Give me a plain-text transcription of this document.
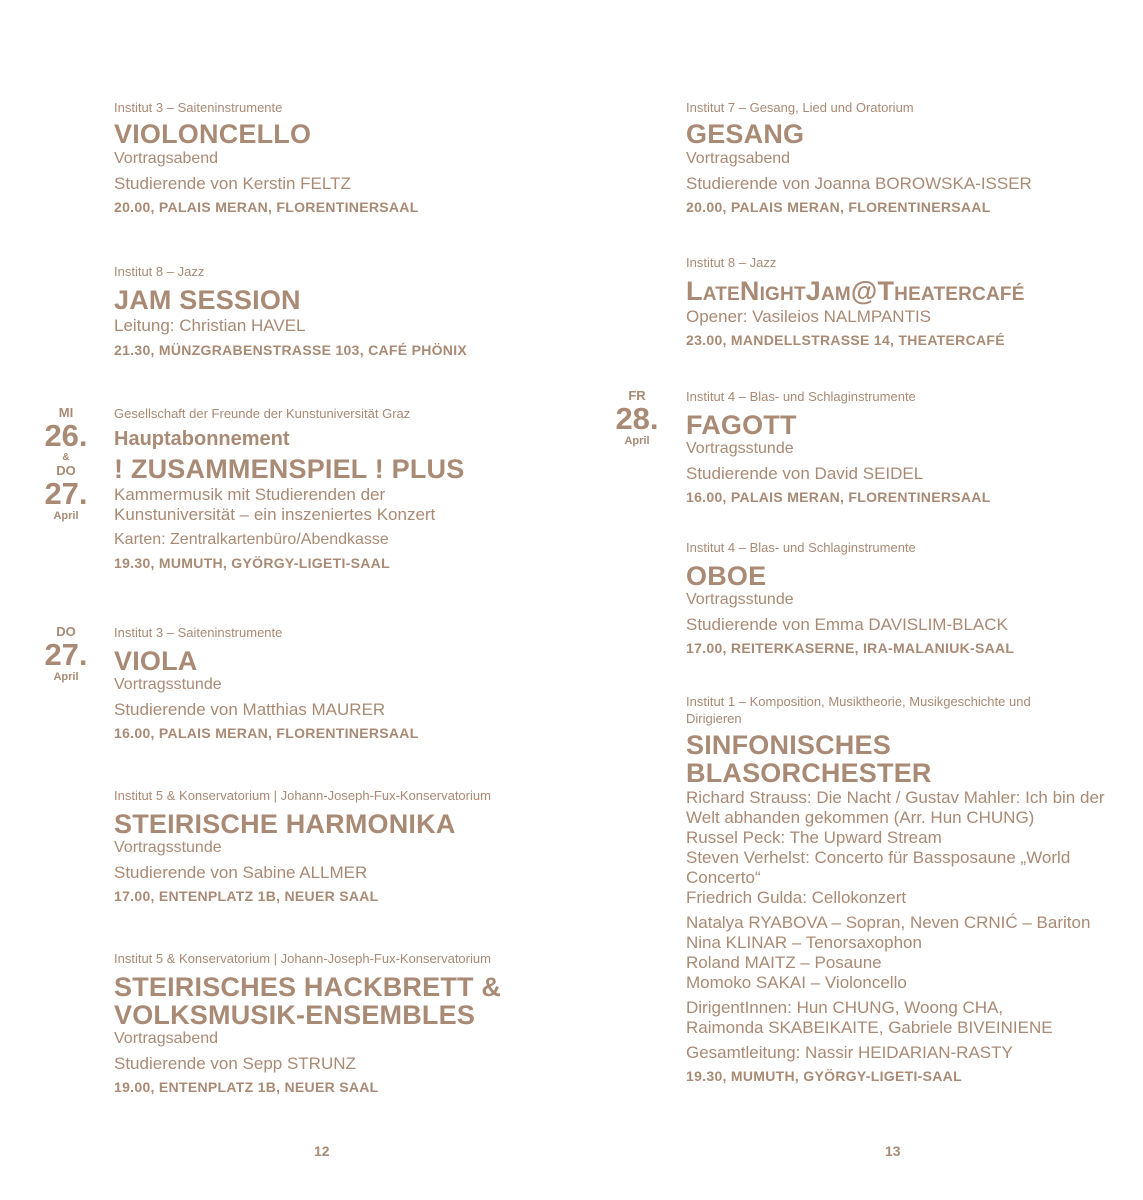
Institut 3 – Saiteninstrumente
VIOLONCELLO
Vortragsabend
Studierende von Kerstin FELTZ
20.00, PALAIS MERAN, FLORENTINERSAAL
Institut 8 – Jazz
JAM SESSION
Leitung: Christian HAVEL
21.30, MÜNZGRABENSTRASSE 103, CAFÉ PHÖNIX
MI
26.
&
DO
27.
April
Gesellschaft der Freunde der Kunstuniversität Graz
Hauptabonnement
! ZUSAMMENSPIEL ! PLUS
Kammermusik mit Studierenden der Kunstuniversität – ein inszeniertes Konzert
Karten: Zentralkartenbüro/Abendkasse
19.30, MUMUTH, GYÖRGY-LIGETI-SAAL
DO
27.
April
Institut 3 – Saiteninstrumente
VIOLA
Vortragsstunde
Studierende von Matthias MAURER
16.00, PALAIS MERAN, FLORENTINERSAAL
Institut 5 & Konservatorium | Johann-Joseph-Fux-Konservatorium
STEIRISCHE HARMONIKA
Vortragsstunde
Studierende von Sabine ALLMER
17.00, ENTENPLATZ 1B, NEUER SAAL
Institut 5 & Konservatorium | Johann-Joseph-Fux-Konservatorium
STEIRISCHES HACKBRETT &
VOLKSMUSIK-ENSEMBLES
Vortragsabend
Studierende von Sepp STRUNZ
19.00, ENTENPLATZ 1B, NEUER SAAL
12
Institut 7 – Gesang, Lied und Oratorium
GESANG
Vortragsabend
Studierende von Joanna BOROWSKA-ISSER
20.00, PALAIS MERAN, FLORENTINERSAAL
Institut 8 – Jazz
LateNightJam@Theatercafé
Opener: Vasileios NALMPANTIS
23.00, MANDELLSTRASSE 14, THEATERCAFÉ
FR
28.
April
Institut 4 – Blas- und Schlaginstrumente
FAGOTT
Vortragsstunde
Studierende von David SEIDEL
16.00, PALAIS MERAN, FLORENTINERSAAL
Institut 4 – Blas- und Schlaginstrumente
OBOE
Vortragsstunde
Studierende von Emma DAVISLIM-BLACK
17.00, REITERKASERNE, IRA-MALANIUK-SAAL
Institut 1 – Komposition, Musiktheorie, Musikgeschichte und Dirigieren
SINFONISCHES
BLASORCHESTER
Richard Strauss: Die Nacht / Gustav Mahler: Ich bin der Welt abhanden gekommen (Arr. Hun CHUNG)
Russel Peck: The Upward Stream
Steven Verhelst: Concerto für Bassposaune „World Concerto“
Friedrich Gulda: Cellokonzert
Natalya RYABOVA – Sopran, Neven CRNIĆ – Bariton
Nina KLINAR – Tenorsaxophon
Roland MAITZ – Posaune
Momoko SAKAI – Violoncello
DirigentInnen: Hun CHUNG, Woong CHA, Raimonda SKABEIKAITE, Gabriele BIVEINIENE
Gesamtleitung: Nassir HEIDARIAN-RASTY
19.30, MUMUTH, GYÖRGY-LIGETI-SAAL
13
